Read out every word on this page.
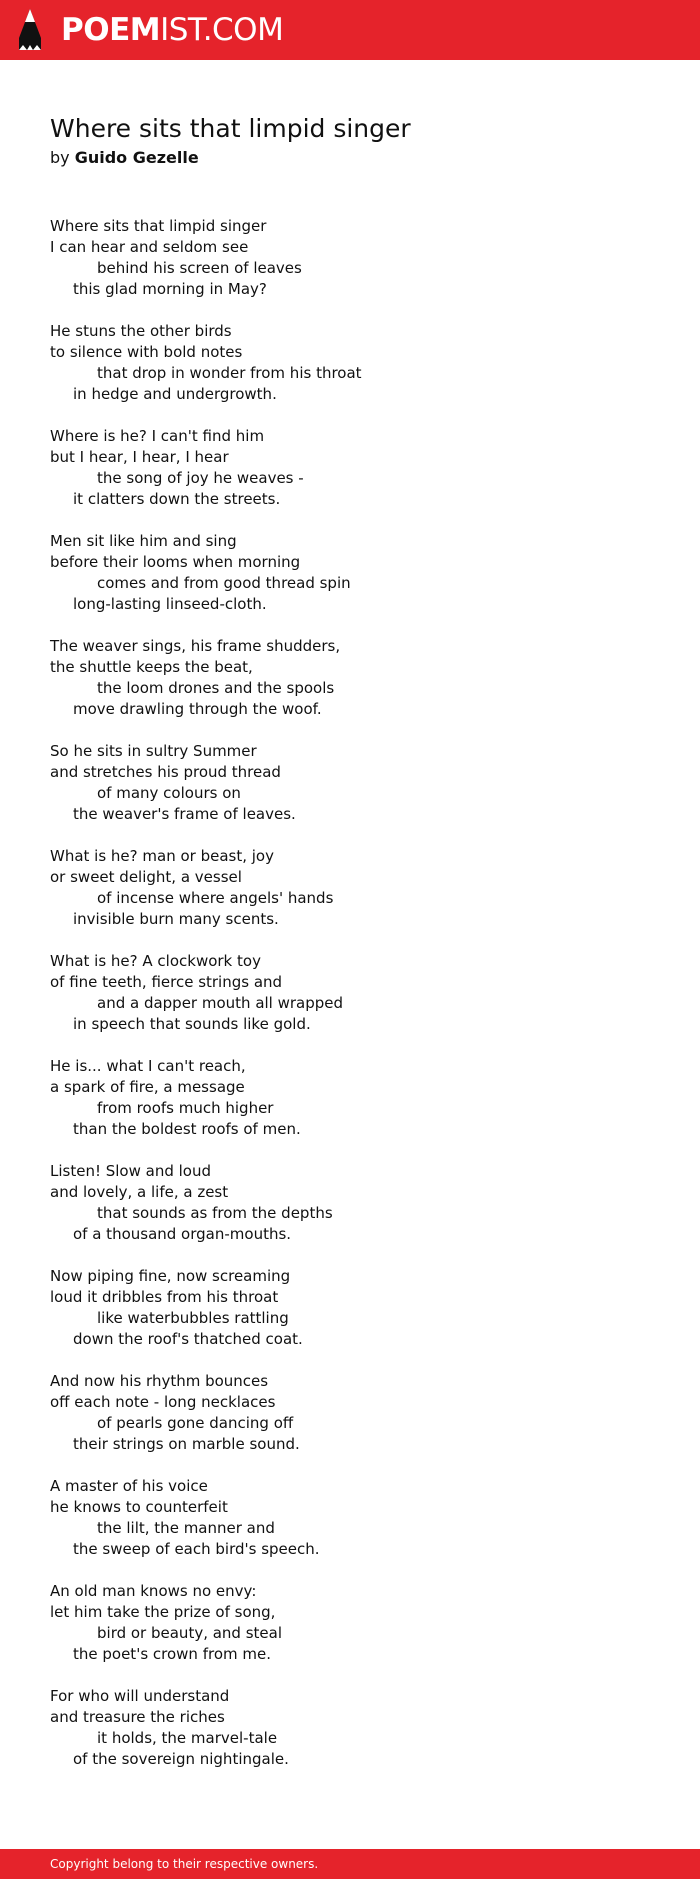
POEMIST.COM
Where sits that limpid singer
by Guido Gezelle
Where sits that limpid singer
I can hear and seldom see
behind his screen of leaves
this glad morning in May?
He stuns the other birds
to silence with bold notes
that drop in wonder from his throat
in hedge and undergrowth.
Where is he? I can't find him
but I hear, I hear, I hear
the song of joy he weaves -
it clatters down the streets.
Men sit like him and sing
before their looms when morning
comes and from good thread spin
long-lasting linseed-cloth.
The weaver sings, his frame shudders,
the shuttle keeps the beat,
the loom drones and the spools
move drawling through the woof.
So he sits in sultry Summer
and stretches his proud thread
of many colours on
the weaver's frame of leaves.
What is he? man or beast, joy
or sweet delight, a vessel
of incense where angels' hands
invisible burn many scents.
What is he? A clockwork toy
of fine teeth, fierce strings and
and a dapper mouth all wrapped
in speech that sounds like gold.
He is... what I can't reach,
a spark of fire, a message
from roofs much higher
than the boldest roofs of men.
Listen! Slow and loud
and lovely, a life, a zest
that sounds as from the depths
of a thousand organ-mouths.
Now piping fine, now screaming
loud it dribbles from his throat
like waterbubbles rattling
down the roof's thatched coat.
And now his rhythm bounces
off each note - long necklaces
of pearls gone dancing off
their strings on marble sound.
A master of his voice
he knows to counterfeit
the lilt, the manner and
the sweep of each bird's speech.
An old man knows no envy:
let him take the prize of song,
bird or beauty, and steal
the poet's crown from me.
For who will understand
and treasure the riches
it holds, the marvel-tale
of the sovereign nightingale.
Copyright belong to their respective owners.
